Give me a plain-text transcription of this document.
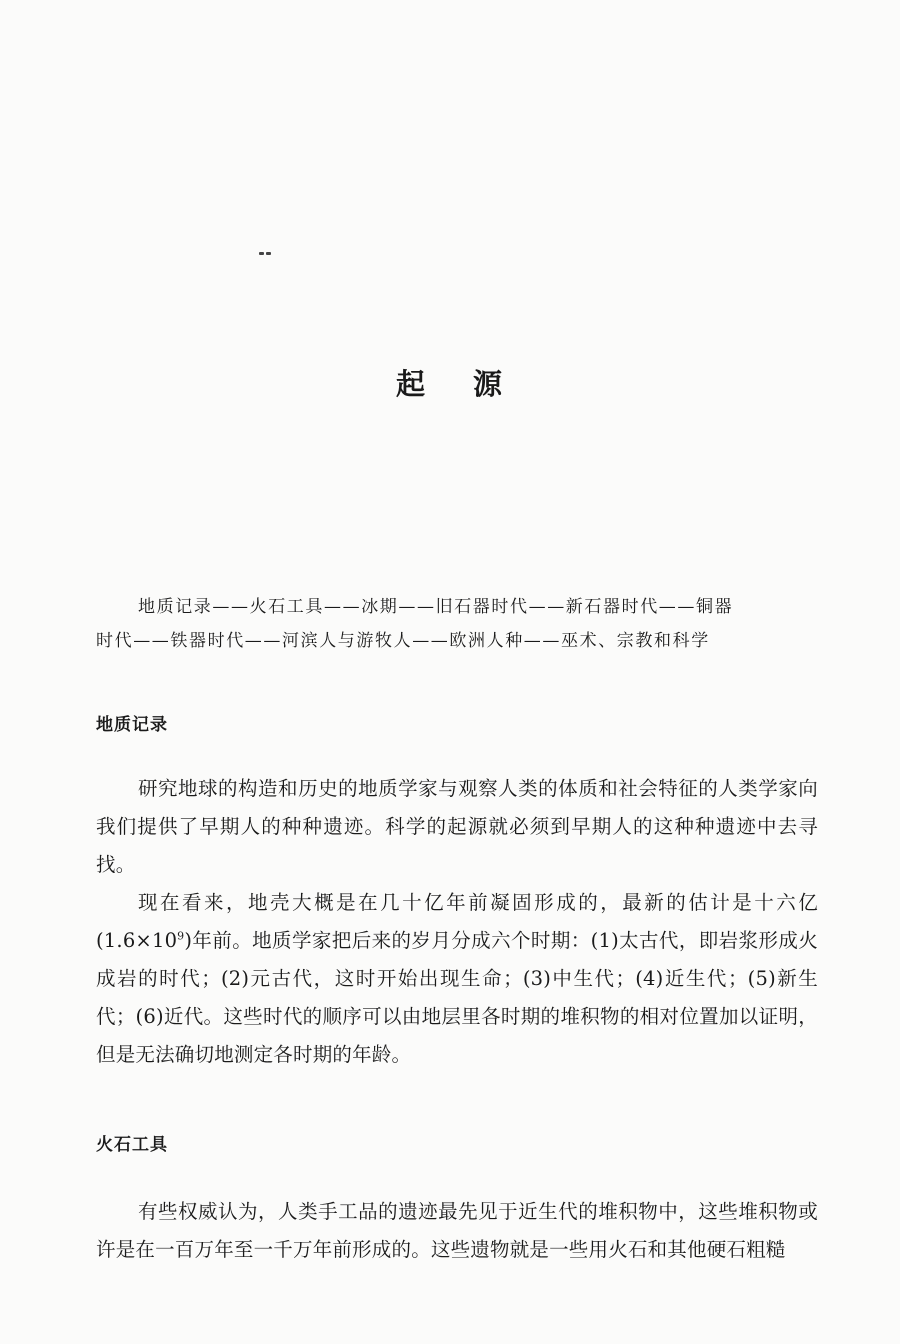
起 源
地质记录——火石工具——冰期——旧石器时代——新石器时代——铜器
时代——铁器时代——河滨人与游牧人——欧洲人种——巫术、宗教和科学
地质记录

研究地球的构造和历史的地质学家与观察人类的体质和社会特征的人类学家向我们提供了早期人的种种遗迹。科学的起源就必须到早期人的这种种遗迹中去寻找。

现在看来，地壳大概是在几十亿年前凝固形成的，最新的估计是十六亿$(1.6\times 10^9)$年前。地质学家把后来的岁月分成六个时期：(1)太古代，即岩浆形成火成岩的时代；(2)元古代，这时开始出现生命；(3)中生代；(4)近生代；(5)新生代；(6)近代。这些时代的顺序可以由地层里各时期的堆积物的相对位置加以证明，但是无法确切地测定各时期的年龄。

火石工具

有些权威认为，人类手工品的遗迹最先见于近生代的堆积物中，这些堆积物或许是在一百万年至一千万年前形成的。这些遗物就是一些用火石和其他硬石粗糙
